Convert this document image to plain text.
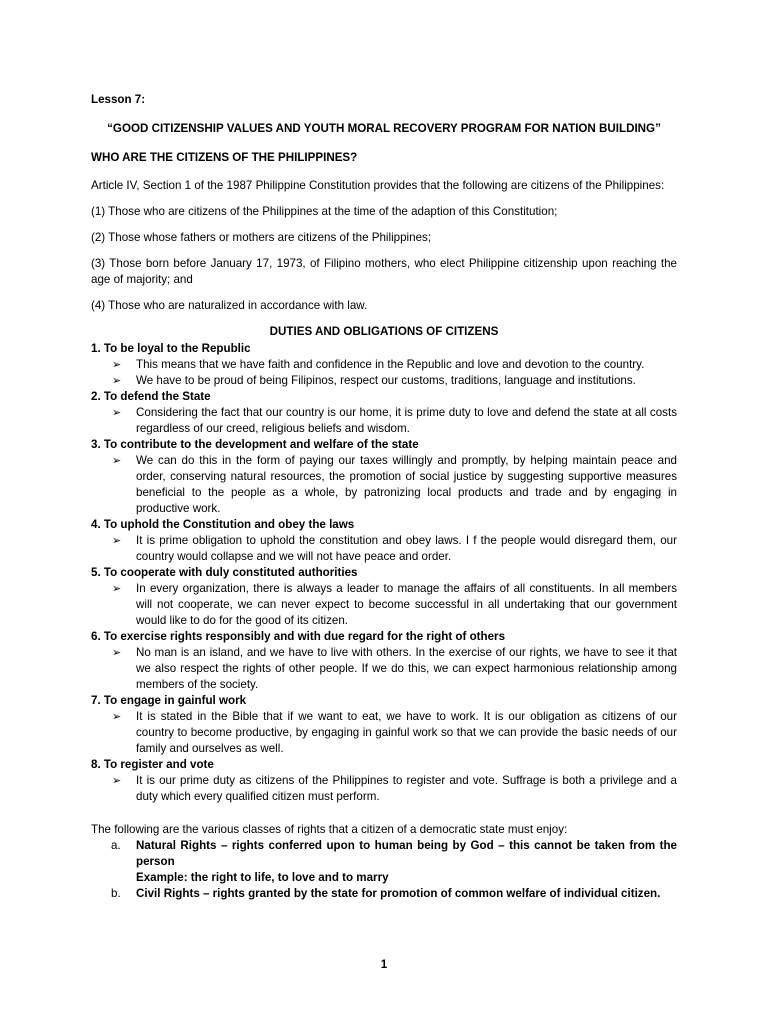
Lesson 7:

“GOOD CITIZENSHIP VALUES AND YOUTH MORAL RECOVERY PROGRAM FOR NATION BUILDING”

WHO ARE THE CITIZENS OF THE PHILIPPINES?

Article IV, Section 1 of the 1987 Philippine Constitution provides that the following are citizens of the Philippines:

(1) Those who are citizens of the Philippines at the time of the adaption of this Constitution;

(2) Those whose fathers or mothers are citizens of the Philippines;

(3) Those born before January 17, 1973, of Filipino mothers, who elect Philippine citizenship upon reaching the age of majority; and

(4) Those who are naturalized in accordance with law.

DUTIES AND OBLIGATIONS OF CITIZENS

1. To be loyal to the Republic

➢ This means that we have faith and confidence in the Republic and love and devotion to the country.
➢ We have to be proud of being Filipinos, respect our customs, traditions, language and institutions.

2. To defend the State

➢ Considering the fact that our country is our home, it is prime duty to love and defend the state at all costs regardless of our creed, religious beliefs and wisdom.

3. To contribute to the development and welfare of the state

➢ We can do this in the form of paying our taxes willingly and promptly, by helping maintain peace and order, conserving natural resources, the promotion of social justice by suggesting supportive measures beneficial to the people as a whole, by patronizing local products and trade and by engaging in productive work.

4. To uphold the Constitution and obey the laws

➢ It is prime obligation to uphold the constitution and obey laws. I f the people would disregard them, our country would collapse and we will not have peace and order.

5. To cooperate with duly constituted authorities

➢ In every organization, there is always a leader to manage the affairs of all constituents. In all members will not cooperate, we can never expect to become successful in all undertaking that our government would like to do for the good of its citizen.

6. To exercise rights responsibly and with due regard for the right of others

➢ No man is an island, and we have to live with others. In the exercise of our rights, we have to see it that we also respect the rights of other people. If we do this, we can expect harmonious relationship among members of the society.

7. To engage in gainful work

➢ It is stated in the Bible that if we want to eat, we have to work. It is our obligation as citizens of our country to become productive, by engaging in gainful work so that we can provide the basic needs of our family and ourselves as well.

8. To register and vote

➢ It is our prime duty as citizens of the Philippines to register and vote. Suffrage is both a privilege and a duty which every qualified citizen must perform.

The following are the various classes of rights that a citizen of a democratic state must enjoy:

a. Natural Rights – rights conferred upon to human being by God – this cannot be taken from the person

Example: the right to life, to love and to marry

b. Civil Rights – rights granted by the state for promotion of common welfare of individual citizen.
1
